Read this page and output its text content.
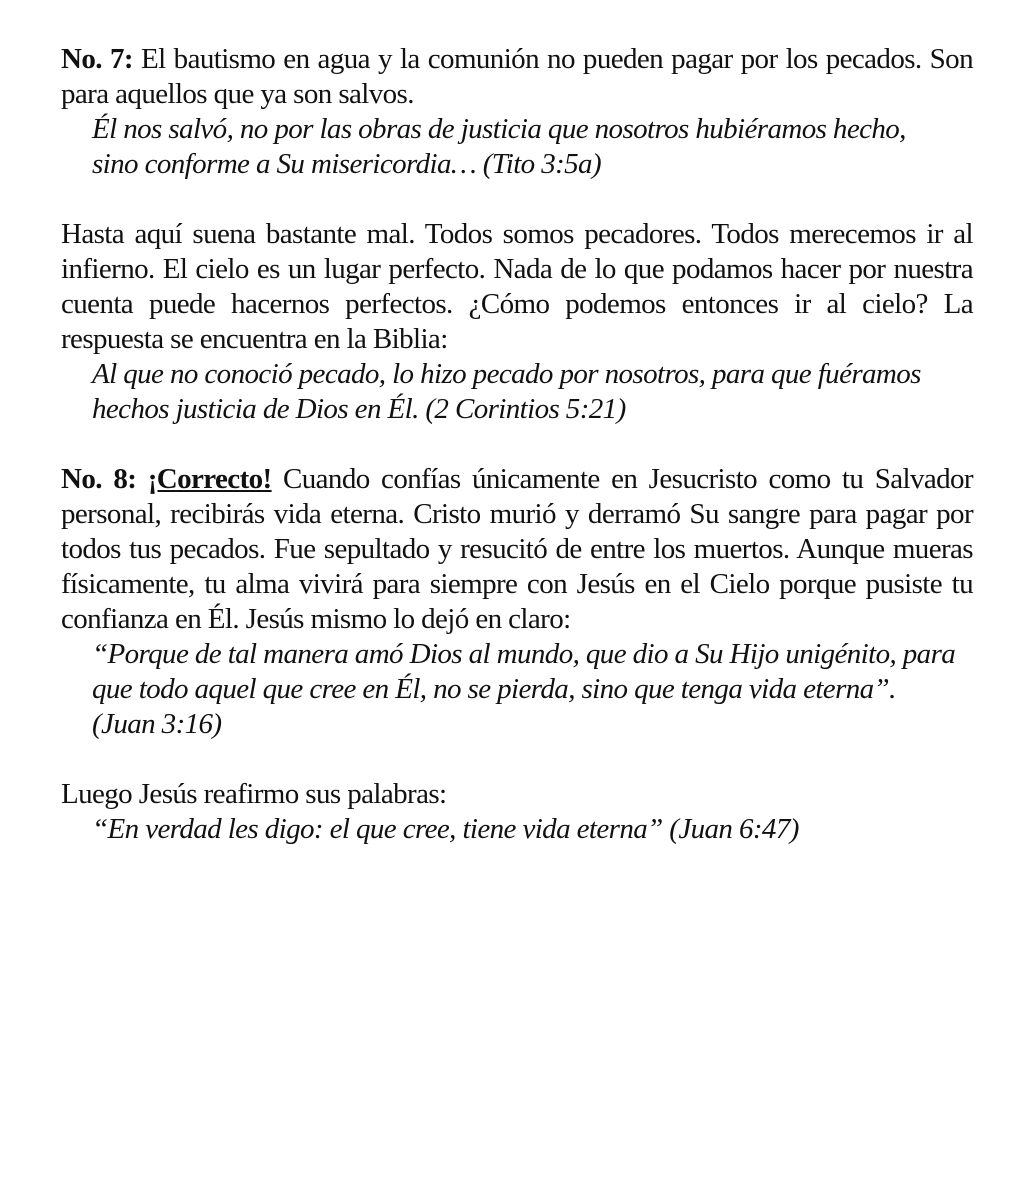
No. 7: El bautismo en agua y la comunión no pueden pagar por los pecados. Son para aquellos que ya son salvos.

Él nos salvó, no por las obras de justicia que nosotros hubiéramos hecho,
sino conforme a Su misericordia… (Tito 3:5a)

Hasta aquí suena bastante mal. Todos somos pecadores. Todos merecemos ir al infierno. El cielo es un lugar perfecto. Nada de lo que podamos hacer por nuestra cuenta puede hacernos perfectos. ¿Cómo podemos entonces ir al cielo? La respuesta se encuentra en la Biblia:

Al que no conoció pecado, lo hizo pecado por nosotros, para que fuéramos
hechos justicia de Dios en Él. (2 Corintios 5:21)

No. 8: ¡Correcto! Cuando confías únicamente en Jesucristo como tu Salvador personal, recibirás vida eterna. Cristo murió y derramó Su sangre para pagar por todos tus pecados. Fue sepultado y resucitó de entre los muertos. Aunque mueras físicamente, tu alma vivirá para siempre con Jesús en el Cielo porque pusiste tu confianza en Él. Jesús mismo lo dejó en claro:

“Porque de tal manera amó Dios al mundo, que dio a Su Hijo unigénito, para
que todo aquel que cree en Él, no se pierda, sino que tenga vida eterna”.
(Juan 3:16)

Luego Jesús reafirmo sus palabras:

“En verdad les digo: el que cree, tiene vida eterna” (Juan 6:47)
